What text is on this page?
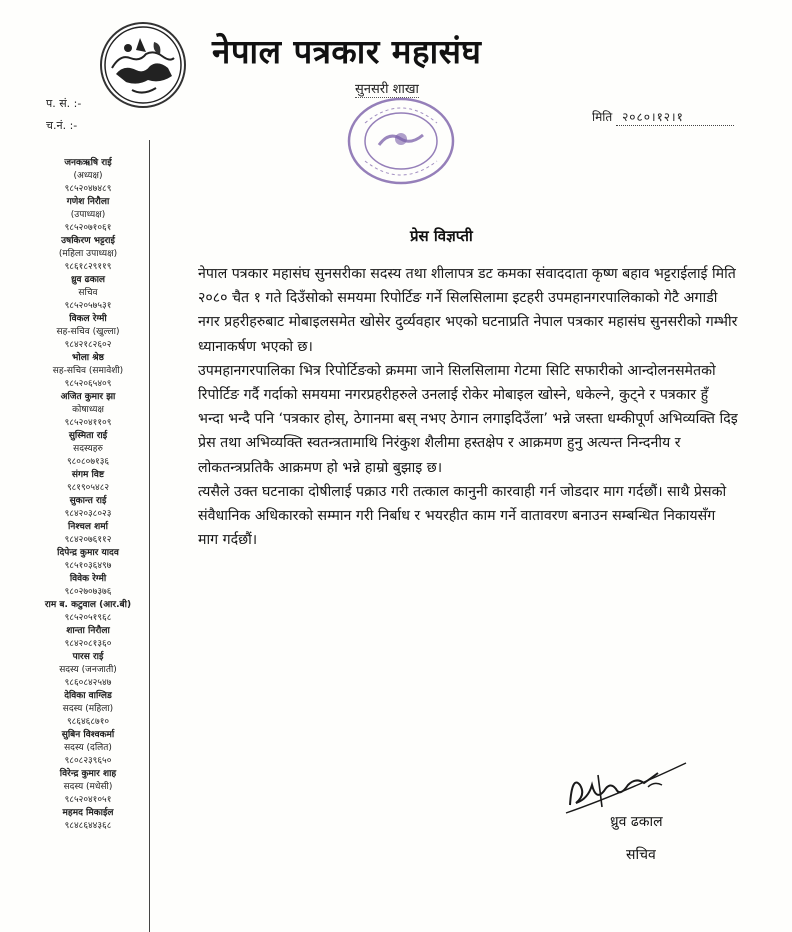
नेपाल पत्रकार महासंघ
सुनसरी शाखा
प. सं. :-
च.नं. :-
मिति २०८०।१२।१
जनकऋषि राई
(अध्यक्ष)
९८५२०४७४८९
गणेश निरौला
(उपाध्यक्ष)
९८५२०७१०६१
उषकिरण भट्टराई
(महिला उपाध्यक्ष)
९८६१८२९११९
ध्रुव ढकाल
सचिव
९८५२०५७५३१
विकल रेग्मी
सह-सचिव (खुल्ला)
९८४२१८२६०२
भोला श्रेष्ठ
सह-सचिव (समावेशी)
९८५२०६५४०९
अजित कुमार झा
कोषाध्यक्ष
९८५२०४११०९
सुस्मिता राई
सदस्यहरु
९८०८०७१३६
संगम विष्ट
९८१९०५४८२
सुकान्त राई
९८४२०३८०२३
निश्चल शर्मा
९८४२०७६११२
दिपेन्द्र कुमार यादव
९८५१०३६४९७
विवेक रेग्मी
९८०२७०७३७६
राम ब. कटुवाल (आर.बी)
९८५२०५१९६८
शान्ता निरौला
९८४२०८१३६०
पारस राई
सदस्य (जनजाती)
९८६०८४२५४७
देविका वाग्लिड
सदस्य (महिला)
९८६४६८७१०
सुबिन विश्वकर्मा
सदस्य (दलित)
९८०८२३९६५०
विरेन्द्र कुमार शाह
सदस्य (मधेसी)
९८५२०४१०५१
महमद मिकाईल
९८४८६४४३६८
प्रेस विज्ञप्ती

नेपाल पत्रकार महासंघ सुनसरीका सदस्य तथा शीलापत्र डट कमका संवाददाता कृष्ण बहाव भट्टराईलाई मिति २०८० चैत १ गते दिउँसोको समयमा रिपोर्टिङ गर्ने सिलसिलामा इटहरी उपमहानगरपालिकाको गेटै अगाडी नगर प्रहरीहरुबाट मोबाइलसमेत खोसेर दुर्व्यवहार भएको घटनाप्रति नेपाल पत्रकार महासंघ सुनसरीको गम्भीर ध्यानाकर्षण भएको छ।

उपमहानगरपालिका भित्र रिपोर्टिङको क्रममा जाने सिलसिलामा गेटमा सिटि सफारीको आन्दोलनसमेतको रिपोर्टिङ गर्दै गर्दाको समयमा नगरप्रहरीहरुले उनलाई रोकेर मोबाइल खोस्ने, धकेल्ने, कुट्ने र पत्रकार हुँ भन्दा भन्दै पनि ‘पत्रकार होस्, ठेगानमा बस् नभए ठेगान लगाइदिउँला’ भन्ने जस्ता धम्कीपूर्ण अभिव्यक्ति दिइ प्रेस तथा अभिव्यक्ति स्वतन्त्रतामाथि निरंकुश शैलीमा हस्तक्षेप र आक्रमण हुनु अत्यन्त निन्दनीय र लोकतन्त्रप्रतिकै आक्रमण हो भन्ने हाम्रो बुझाइ छ।

त्यसैले उक्त घटनाका दोषीलाई पक्राउ गरी तत्काल कानुनी कारवाही गर्न जोडदार माग गर्दछौं। साथै प्रेसको संवैधानिक अधिकारको सम्मान गरी निर्बाध र भयरहीत काम गर्ने वातावरण बनाउन सम्बन्धित निकायसँग माग गर्दछौं।

ध्रुव ढकाल
सचिव
